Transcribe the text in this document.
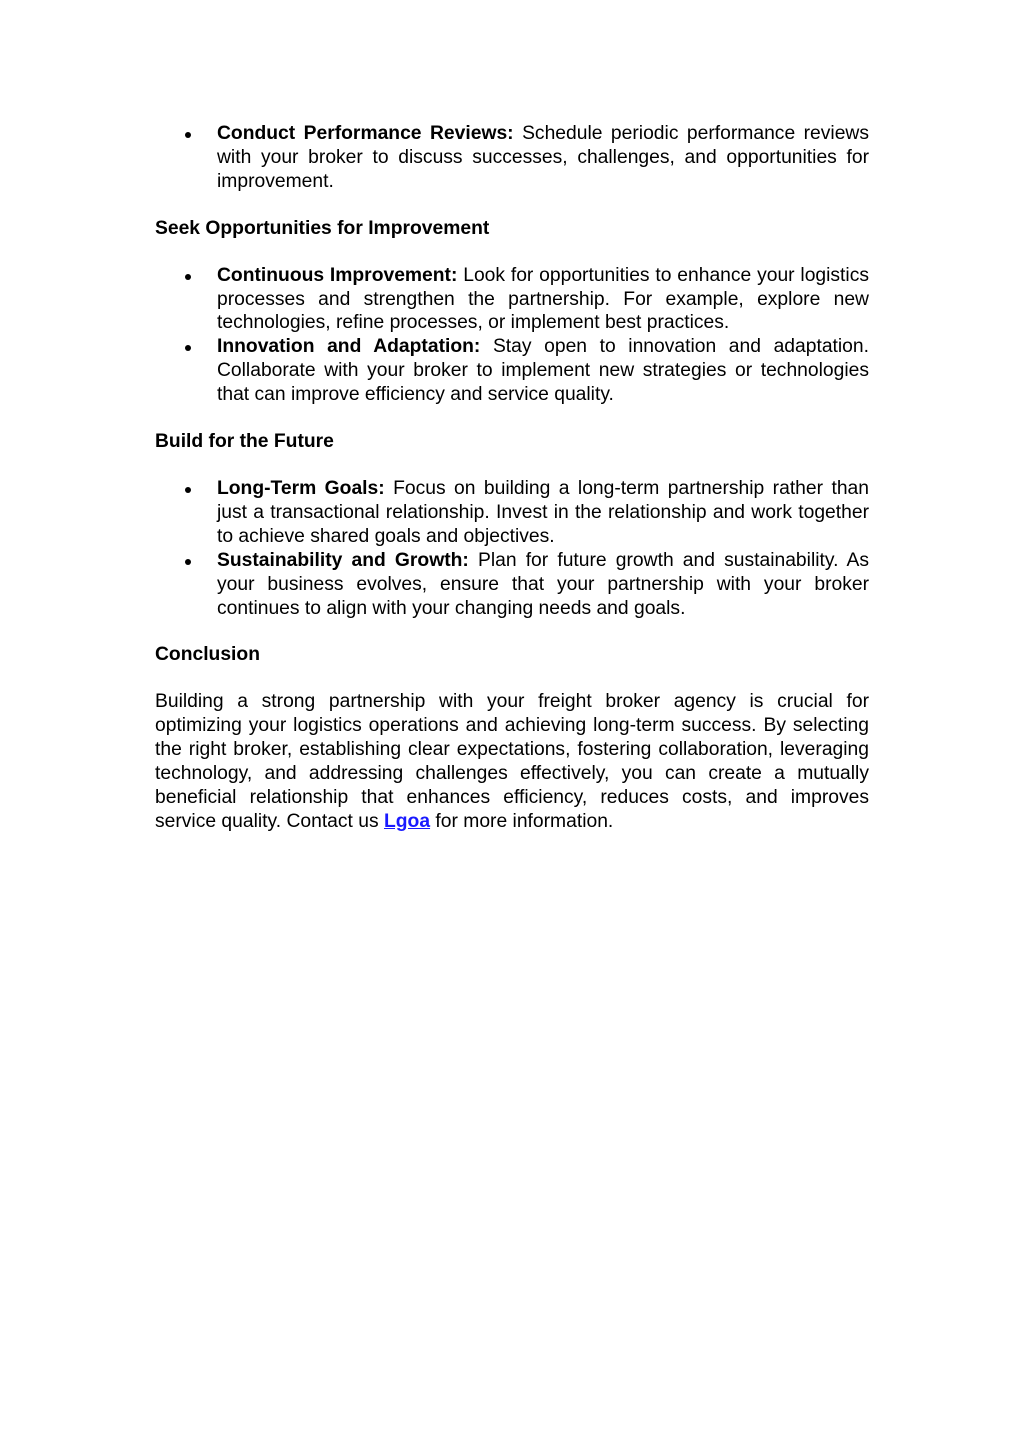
Conduct Performance Reviews: Schedule periodic performance reviews with your broker to discuss successes, challenges, and opportunities for improvement.
Seek Opportunities for Improvement
Continuous Improvement: Look for opportunities to enhance your logistics processes and strengthen the partnership. For example, explore new technologies, refine processes, or implement best practices.
Innovation and Adaptation: Stay open to innovation and adaptation. Collaborate with your broker to implement new strategies or technologies that can improve efficiency and service quality.
Build for the Future
Long-Term Goals: Focus on building a long-term partnership rather than just a transactional relationship. Invest in the relationship and work together to achieve shared goals and objectives.
Sustainability and Growth: Plan for future growth and sustainability. As your business evolves, ensure that your partnership with your broker continues to align with your changing needs and goals.
Conclusion

Building a strong partnership with your freight broker agency is crucial for optimizing your logistics operations and achieving long-term success. By selecting the right broker, establishing clear expectations, fostering collaboration, leveraging technology, and addressing challenges effectively, you can create a mutually beneficial relationship that enhances efficiency, reduces costs, and improves service quality. Contact us Lgoa for more information.
